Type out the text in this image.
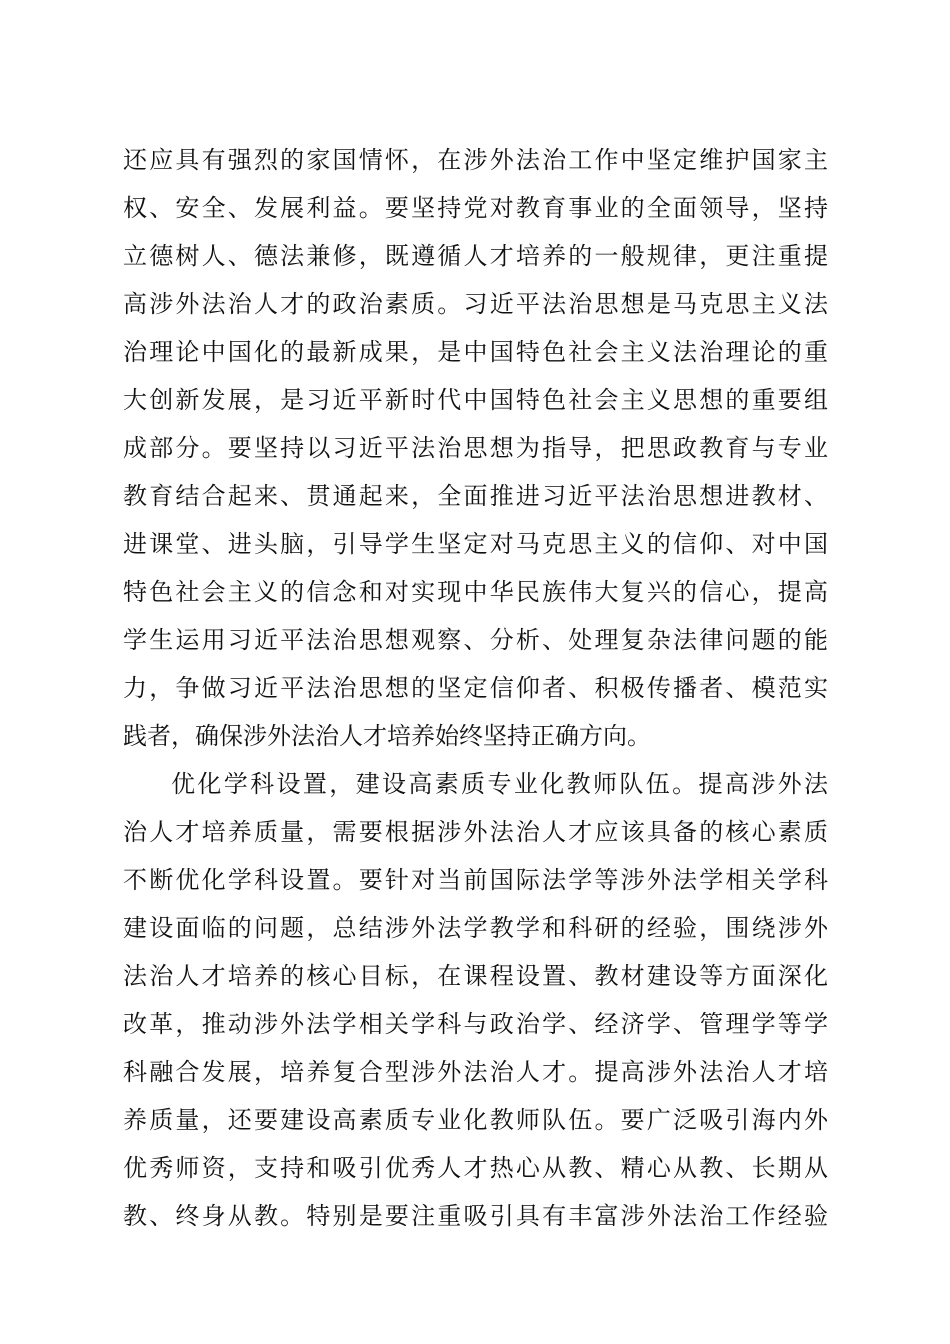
还应具有强烈的家国情怀，在涉外法治工作中坚定维护国家主
权、安全、发展利益。要坚持党对教育事业的全面领导，坚持
立德树人、德法兼修，既遵循人才培养的一般规律，更注重提
高涉外法治人才的政治素质。习近平法治思想是马克思主义法
治理论中国化的最新成果，是中国特色社会主义法治理论的重
大创新发展，是习近平新时代中国特色社会主义思想的重要组
成部分。要坚持以习近平法治思想为指导，把思政教育与专业
教育结合起来、贯通起来，全面推进习近平法治思想进教材、
进课堂、进头脑，引导学生坚定对马克思主义的信仰、对中国
特色社会主义的信念和对实现中华民族伟大复兴的信心，提高
学生运用习近平法治思想观察、分析、处理复杂法律问题的能
力，争做习近平法治思想的坚定信仰者、积极传播者、模范实
践者，确保涉外法治人才培养始终坚持正确方向。
优化学科设置，建设高素质专业化教师队伍。提高涉外法
治人才培养质量，需要根据涉外法治人才应该具备的核心素质
不断优化学科设置。要针对当前国际法学等涉外法学相关学科
建设面临的问题，总结涉外法学教学和科研的经验，围绕涉外
法治人才培养的核心目标，在课程设置、教材建设等方面深化
改革，推动涉外法学相关学科与政治学、经济学、管理学等学
科融合发展，培养复合型涉外法治人才。提高涉外法治人才培
养质量，还要建设高素质专业化教师队伍。要广泛吸引海内外
优秀师资，支持和吸引优秀人才热心从教、精心从教、长期从
教、终身从教。特别是要注重吸引具有丰富涉外法治工作经验
